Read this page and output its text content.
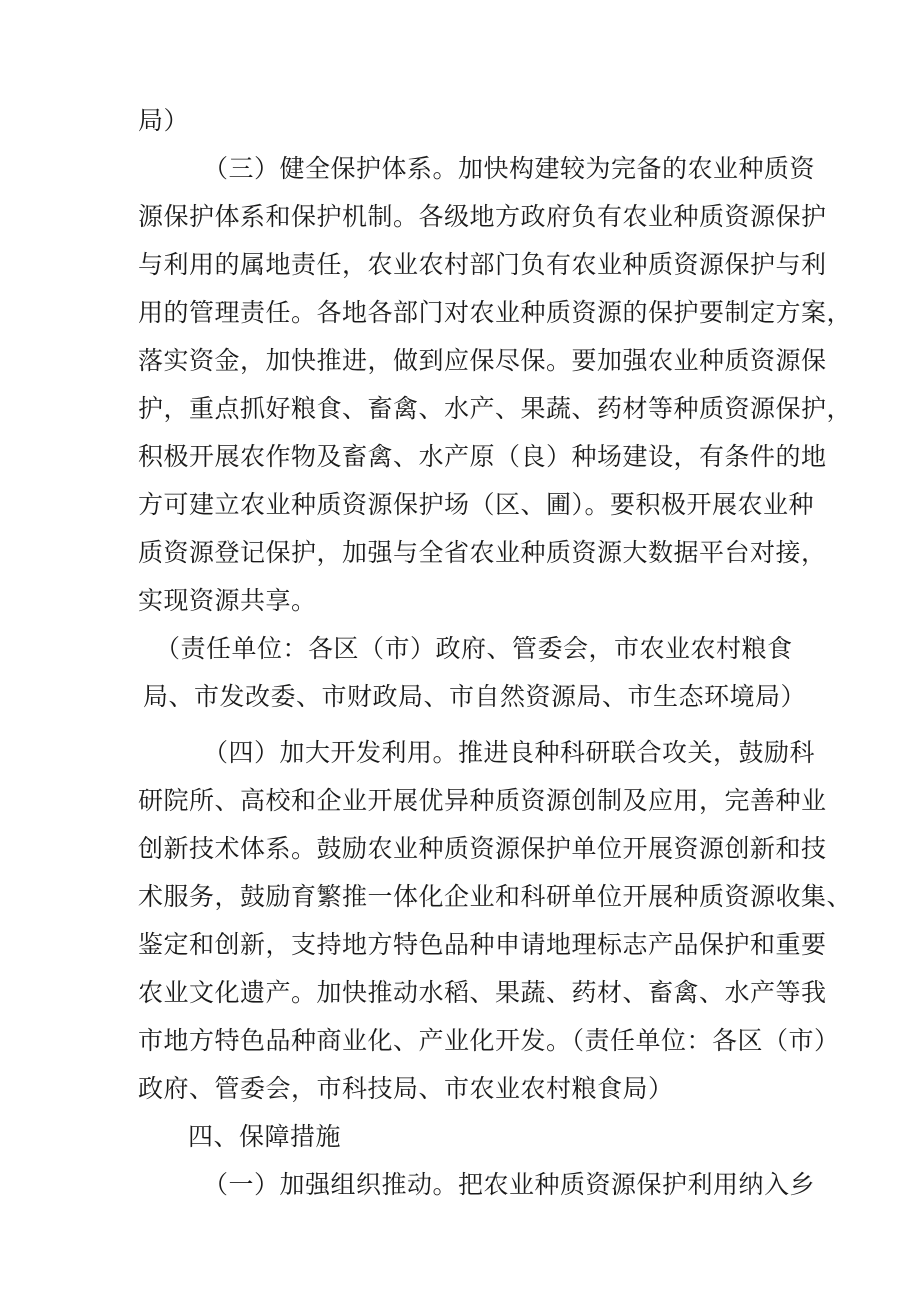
局）
（三）健全保护体系。加快构建较为完备的农业种质资
源保护体系和保护机制。各级地方政府负有农业种质资源保护
与利用的属地责任，农业农村部门负有农业种质资源保护与利
用的管理责任。各地各部门对农业种质资源的保护要制定方案，
落实资金，加快推进，做到应保尽保。要加强农业种质资源保
护，重点抓好粮食、畜禽、水产、果蔬、药材等种质资源保护，
积极开展农作物及畜禽、水产原（良）种场建设，有条件的地
方可建立农业种质资源保护场（区、圃）。要积极开展农业种
质资源登记保护，加强与全省农业种质资源大数据平台对接，
实现资源共享。
（责任单位：各区（市）政府、管委会，市农业农村粮食
局、市发改委、市财政局、市自然资源局、市生态环境局）
（四）加大开发利用。推进良种科研联合攻关，鼓励科
研院所、高校和企业开展优异种质资源创制及应用，完善种业
创新技术体系。鼓励农业种质资源保护单位开展资源创新和技
术服务，鼓励育繁推一体化企业和科研单位开展种质资源收集、
鉴定和创新，支持地方特色品种申请地理标志产品保护和重要
农业文化遗产。加快推动水稻、果蔬、药材、畜禽、水产等我
市地方特色品种商业化、产业化开发。（责任单位：各区（市）
政府、管委会，市科技局、市农业农村粮食局）
四、保障措施
（一）加强组织推动。把农业种质资源保护利用纳入乡
